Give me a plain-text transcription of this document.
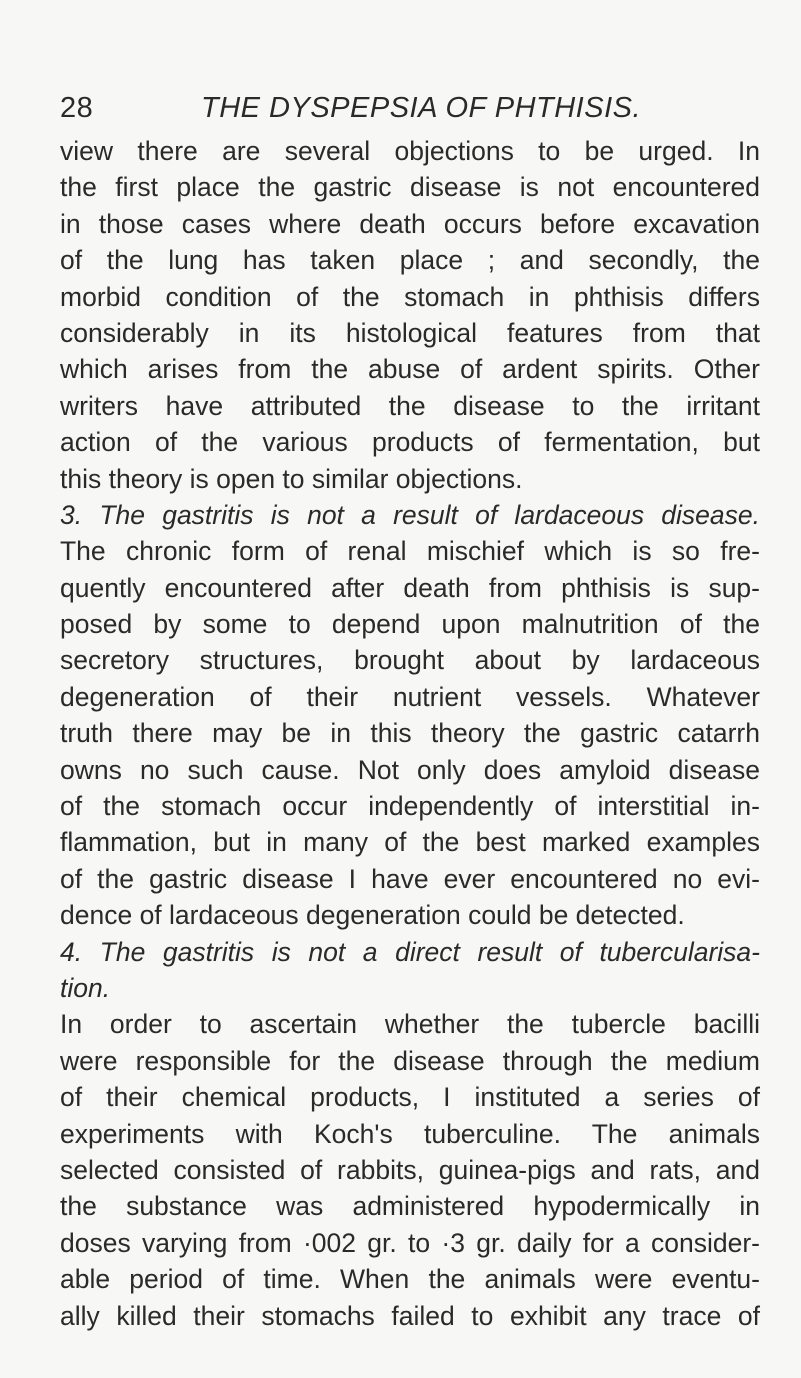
28	THE DYSPEPSIA OF PHTHISIS.
view there are several objections to be urged. In
the first place the gastric disease is not encountered
in those cases where death occurs before excavation
of the lung has taken place ; and secondly, the
morbid condition of the stomach in phthisis differs
considerably in its histological features from that
which arises from the abuse of ardent spirits. Other
writers have attributed the disease to the irritant
action of the various products of fermentation, but
this theory is open to similar objections.
3. The gastritis is not a result of lardaceous disease.
The chronic form of renal mischief which is so fre-
quently encountered after death from phthisis is sup-
posed by some to depend upon malnutrition of the
secretory structures, brought about by lardaceous
degeneration of their nutrient vessels. Whatever
truth there may be in this theory the gastric catarrh
owns no such cause. Not only does amyloid disease
of the stomach occur independently of interstitial in-
flammation, but in many of the best marked examples
of the gastric disease I have ever encountered no evi-
dence of lardaceous degeneration could be detected.
4. The gastritis is not a direct result of tubercularisa-
tion.
In order to ascertain whether the tubercle bacilli
were responsible for the disease through the medium
of their chemical products, I instituted a series of
experiments with Koch's tuberculine. The animals
selected consisted of rabbits, guinea-pigs and rats, and
the substance was administered hypodermically in
doses varying from ·002 gr. to ·3 gr. daily for a consider-
able period of time. When the animals were eventu-
ally killed their stomachs failed to exhibit any trace of
